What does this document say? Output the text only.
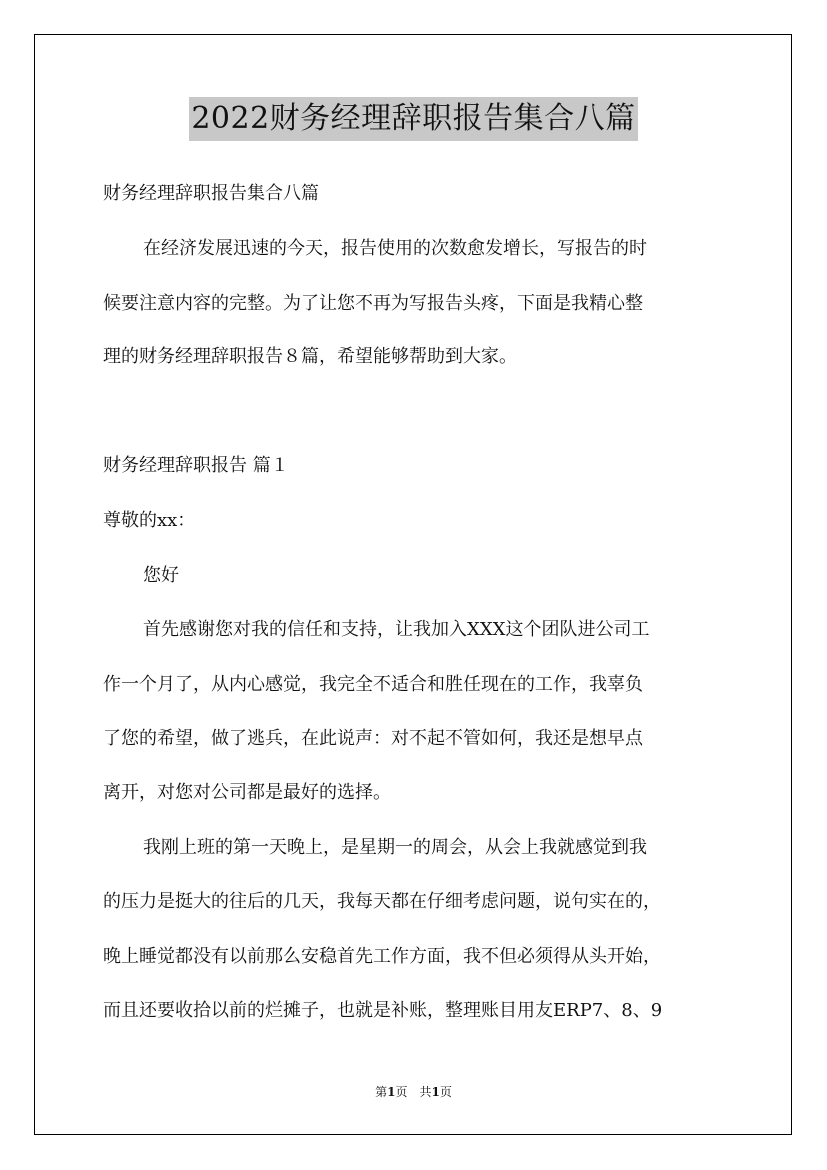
2022财务经理辞职报告集合八篇
财务经理辞职报告集合八篇
在经济发展迅速的今天，报告使用的次数愈发增长，写报告的时
候要注意内容的完整。为了让您不再为写报告头疼，下面是我精心整
理的财务经理辞职报告８篇，希望能够帮助到大家。
财务经理辞职报告 篇１
尊敬的xx：
您好
首先感谢您对我的信任和支持，让我加入XXX这个团队进公司工
作一个月了，从内心感觉，我完全不适合和胜任现在的工作，我辜负
了您的希望，做了逃兵，在此说声：对不起不管如何，我还是想早点
离开，对您对公司都是最好的选择。
我刚上班的第一天晚上，是星期一的周会，从会上我就感觉到我
的压力是挺大的往后的几天，我每天都在仔细考虑问题，说句实在的，
晚上睡觉都没有以前那么安稳首先工作方面，我不但必须得从头开始，
而且还要收拾以前的烂摊子，也就是补账，整理账目用友ERP7、8、9
第1页　共1页
